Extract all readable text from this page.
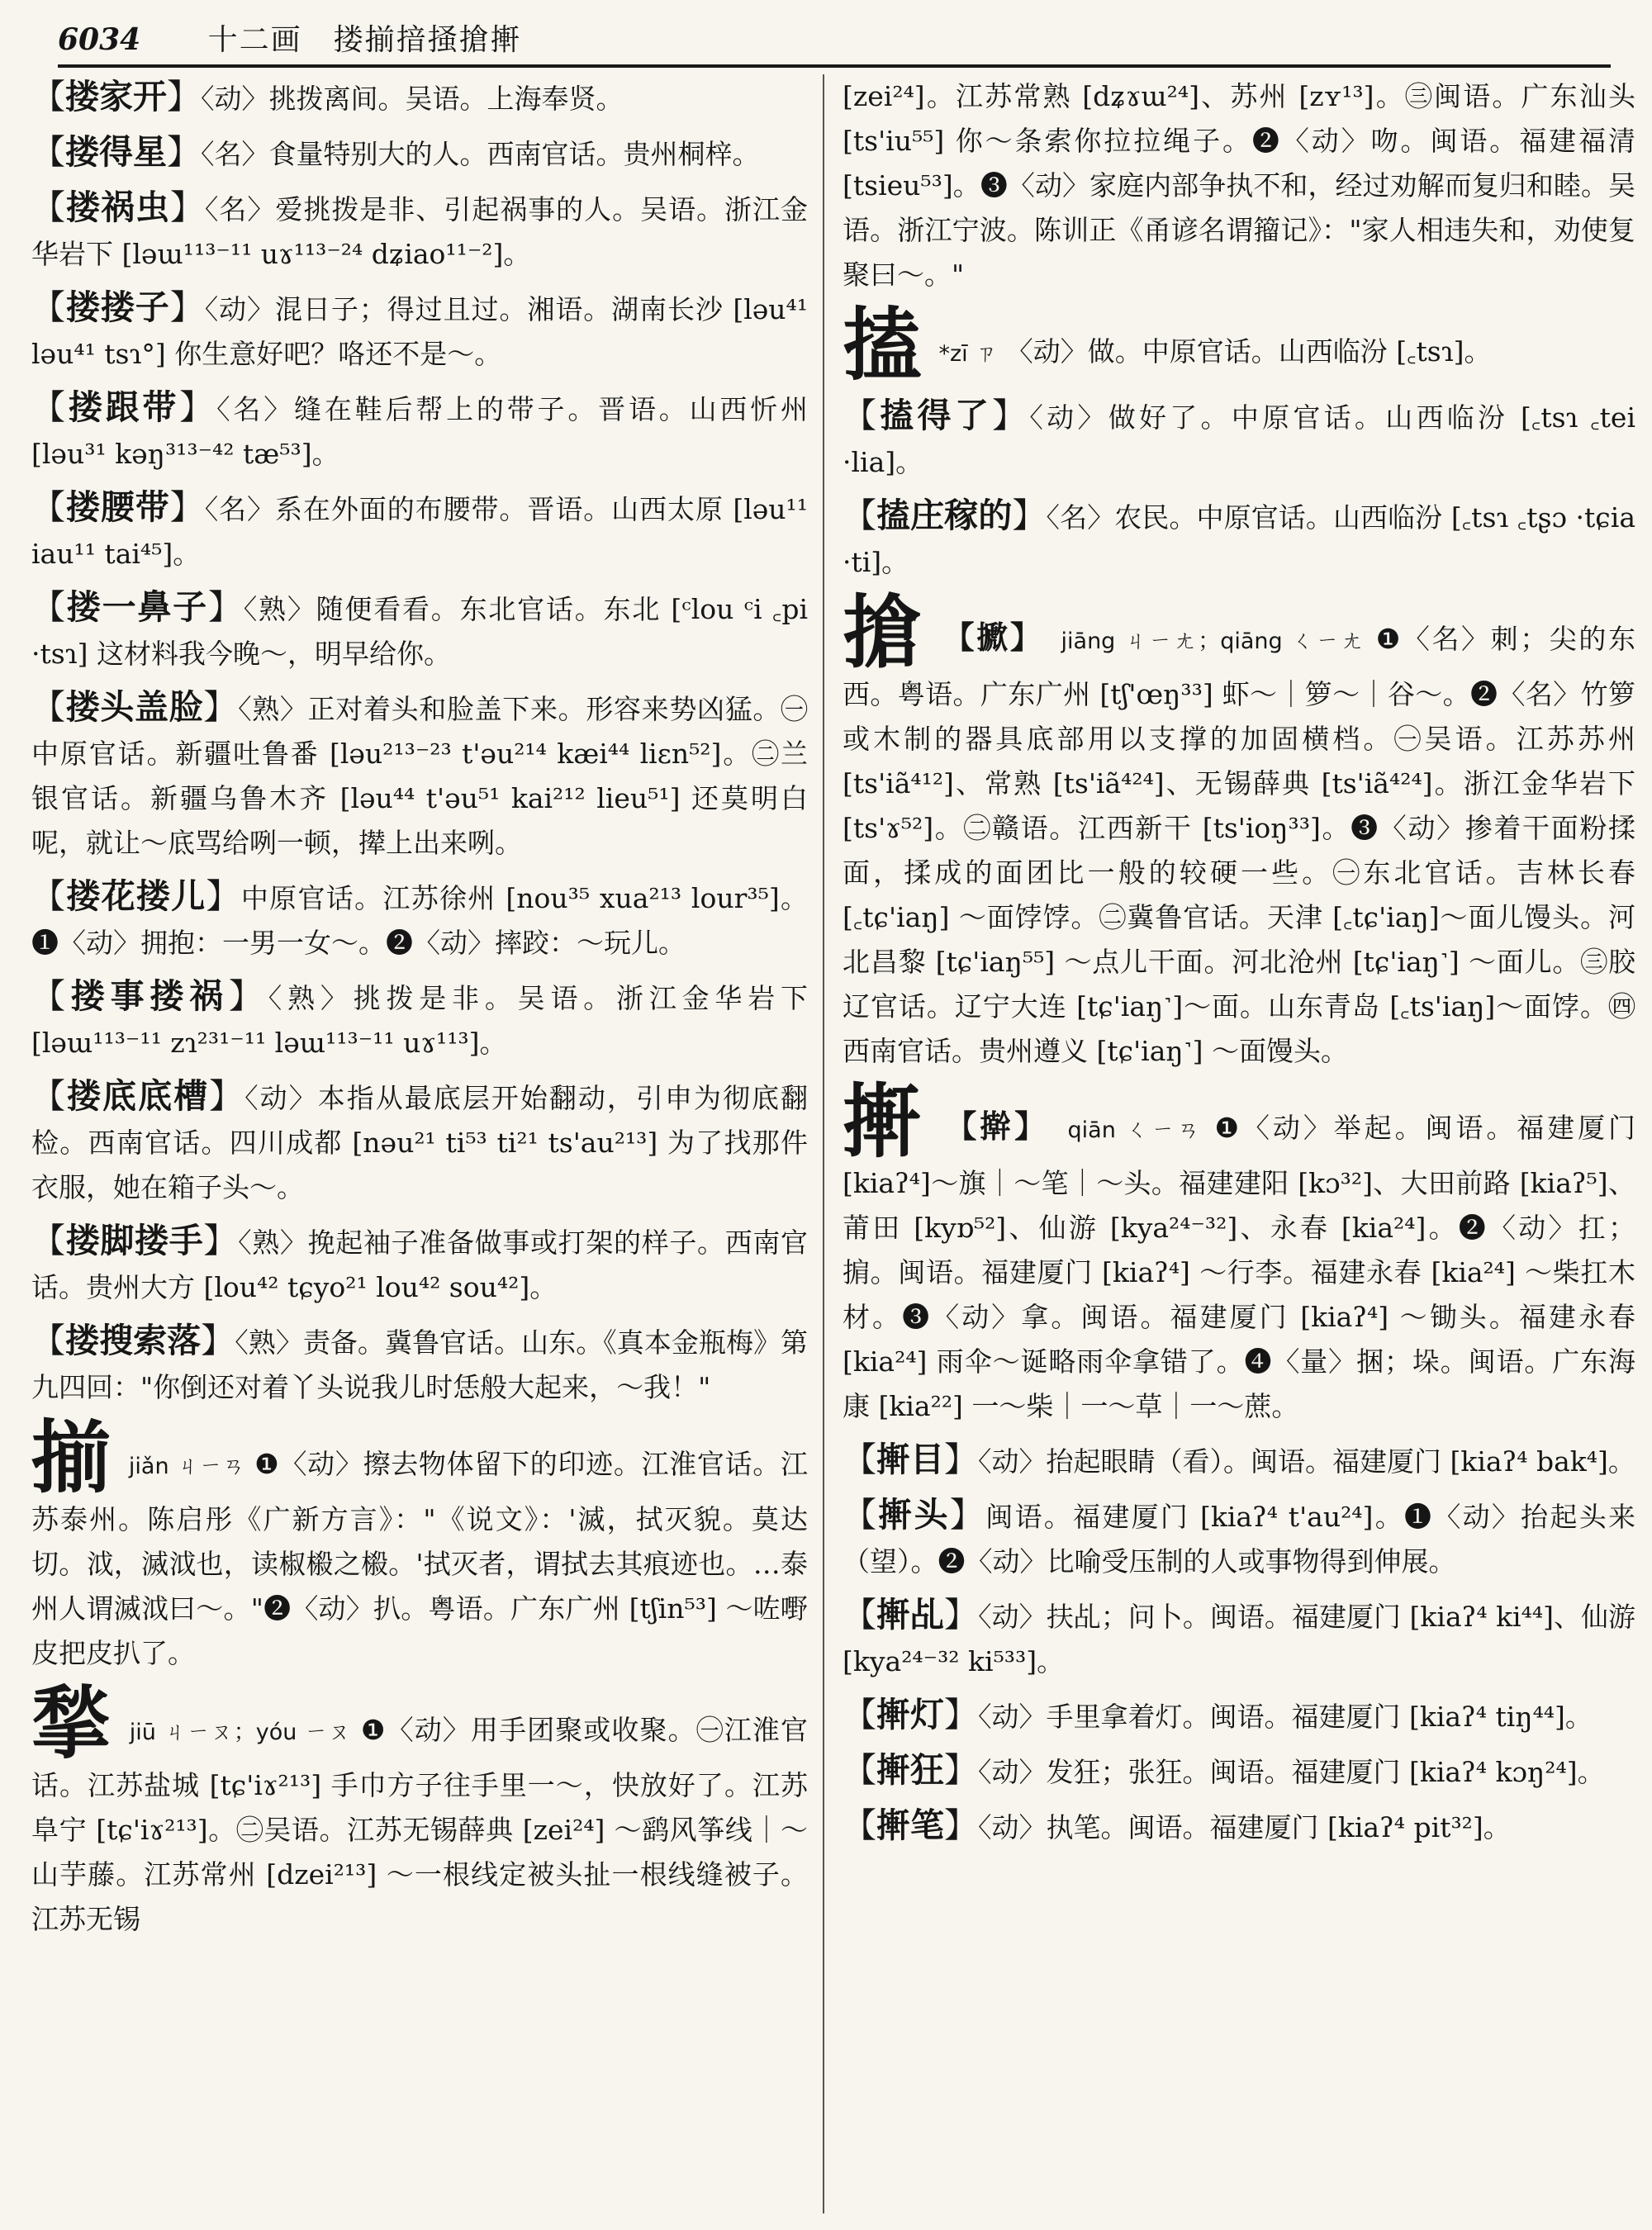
6034 十二画　搂揃揞掻搶搟
【搂家开】〈动〉挑拨离间。吴语。上海奉贤。
【搂得星】〈名〉食量特别大的人。西南官话。贵州桐梓。
【搂祸虫】〈名〉爱挑拨是非、引起祸事的人。吴语。浙江金华岩下 [ləɯ¹¹³⁻¹¹ uɤ¹¹³⁻²⁴ dʑiao¹¹⁻²]。
【搂搂子】〈动〉混日子；得过且过。湘语。湖南长沙 [ləu⁴¹ ləu⁴¹ tsɿ°] 你生意好吧？咯还不是～。
【搂跟带】〈名〉缝在鞋后帮上的带子。晋语。山西忻州 [ləu³¹ kəŋ³¹³⁻⁴² tæ⁵³]。
【搂腰带】〈名〉系在外面的布腰带。晋语。山西太原 [ləu¹¹ iau¹¹ tai⁴⁵]。
【搂一鼻子】〈熟〉随便看看。东北官话。东北 [ᶜlou ᶜi ꜀pi ·tsɿ] 这材料我今晚～，明早给你。
【搂头盖脸】〈熟〉正对着头和脸盖下来。形容来势凶猛。㊀中原官话。新疆吐鲁番 [ləu²¹³⁻²³ t'əu²¹⁴ kæi⁴⁴ liɛn⁵²]。㊁兰银官话。新疆乌鲁木齐 [ləu⁴⁴ t'əu⁵¹ kai²¹² lieu⁵¹] 还莫明白呢，就让～底骂给咧一顿，撵上出来咧。
【搂花搂儿】中原官话。江苏徐州 [nou³⁵ xua²¹³ lour³⁵]。❶〈动〉拥抱：一男一女～。❷〈动〉摔跤：～玩儿。
【搂事搂祸】〈熟〉挑拨是非。吴语。浙江金华岩下 [ləɯ¹¹³⁻¹¹ zɿ²³¹⁻¹¹ ləɯ¹¹³⁻¹¹ uɤ¹¹³]。
【搂底底槽】〈动〉本指从最底层开始翻动，引申为彻底翻检。西南官话。四川成都 [nəu²¹ ti⁵³ ti²¹ ts'au²¹³] 为了找那件衣服，她在箱子头～。
【搂脚搂手】〈熟〉挽起袖子准备做事或打架的样子。西南官话。贵州大方 [lou⁴² tɕyo²¹ lou⁴² sou⁴²]。
【搂搜索落】〈熟〉责备。冀鲁官话。山东。《真本金瓶梅》第九四回："你倒还对着丫头说我儿时恁般大起来，～我！"
揃 jiǎn ㄐㄧㄢ ❶〈动〉擦去物体留下的印迹。江淮官话。江苏泰州。陈启彤《广新方言》："《说文》：'滅，拭灭貌。莫达切。泧，滅泧也，读椒榝之榝。'拭灭者，谓拭去其痕迹也。…泰州人谓滅泧曰～。"❷〈动〉扒。粤语。广东广州 [tʃin⁵³] ～咗嘢皮把皮扒了。
揫 jiū ㄐㄧㄡ；yóu ㄧㄡ ❶〈动〉用手团聚或收聚。㊀江淮官话。江苏盐城 [tɕ'iɤ²¹³] 手巾方子往手里一～，快放好了。江苏阜宁 [tɕ'iɤ²¹³]。㊁吴语。江苏无锡薛典 [zei²⁴] ～鹞风筝线｜～山芋藤。江苏常州 [dzei²¹³] ～一根线定被头扯一根线缝被子。江苏无锡
[zei²⁴]。江苏常熟 [dʑɤɯ²⁴]、苏州 [zʏ¹³]。㊂闽语。广东汕头 [ts'iu⁵⁵] 你～条索你拉拉绳子。❷〈动〉吻。闽语。福建福清 [tsieu⁵³]。❸〈动〉家庭内部争执不和，经过劝解而复归和睦。吴语。浙江宁波。陈训正《甬谚名谓籀记》："家人相违失和，劝使复聚曰～。"
搕 *zī ㄗ 〈动〉做。中原官话。山西临汾 [꜀tsɿ]。
【搕得了】〈动〉做好了。中原官话。山西临汾 [꜀tsɿ ꜀tei ·lia]。
【搕庄稼的】〈名〉农民。中原官话。山西临汾 [꜀tsɿ ꜀tʂɔ ·tɕia ·ti]。
搶 【擨】 jiāng ㄐㄧㄤ；qiāng ㄑㄧㄤ ❶〈名〉刺；尖的东西。粤语。广东广州 [tʃ'œŋ³³] 虾～｜箩～｜谷～。❷〈名〉竹箩或木制的器具底部用以支撑的加固横档。㊀吴语。江苏苏州 [ts'iã⁴¹²]、常熟 [ts'iã⁴²⁴]、无锡薛典 [ts'iã⁴²⁴]。浙江金华岩下 [ts'ɤ⁵²]。㊁赣语。江西新干 [ts'ioŋ³³]。❸〈动〉掺着干面粉揉面，揉成的面团比一般的较硬一些。㊀东北官话。吉林长春 [꜀tɕ'iaŋ] ～面饽饽。㊁冀鲁官话。天津 [꜀tɕ'iaŋ]～面儿馒头。河北昌黎 [tɕ'iaŋ⁵⁵] ～点儿干面。河北沧州 [tɕ'iaŋ˺] ～面儿。㊂胶辽官话。辽宁大连 [tɕ'iaŋ˺]～面。山东青岛 [꜀ts'iaŋ]～面饽。㊃西南官话。贵州遵义 [tɕ'iaŋ˺] ～面馒头。
搟 【擀】 qiān ㄑㄧㄢ ❶〈动〉举起。闽语。福建厦门 [kiaʔ⁴]～旗｜～笔｜～头。福建建阳 [kɔ³²]、大田前路 [kiaʔ⁵]、莆田 [kyɒ⁵²]、仙游 [kya²⁴⁻³²]、永春 [kia²⁴]。❷〈动〉扛；掮。闽语。福建厦门 [kiaʔ⁴] ～行李。福建永春 [kia²⁴] ～柴扛木材。❸〈动〉拿。闽语。福建厦门 [kiaʔ⁴] ～锄头。福建永春 [kia²⁴] 雨伞～诞略雨伞拿错了。❹〈量〉捆；垛。闽语。广东海康 [kia²²] 一～柴｜一～草｜一～蔗。
【搟目】〈动〉抬起眼睛（看）。闽语。福建厦门 [kiaʔ⁴ bak⁴]。
【搟头】闽语。福建厦门 [kiaʔ⁴ t'au²⁴]。❶〈动〉抬起头来（望）。❷〈动〉比喻受压制的人或事物得到伸展。
【搟乩】〈动〉扶乩；问卜。闽语。福建厦门 [kiaʔ⁴ ki⁴⁴]、仙游 [kya²⁴⁻³² ki⁵³³]。
【搟灯】〈动〉手里拿着灯。闽语。福建厦门 [kiaʔ⁴ tiŋ⁴⁴]。
【搟狂】〈动〉发狂；张狂。闽语。福建厦门 [kiaʔ⁴ kɔŋ²⁴]。
【搟笔】〈动〉执笔。闽语。福建厦门 [kiaʔ⁴ pit³²]。
